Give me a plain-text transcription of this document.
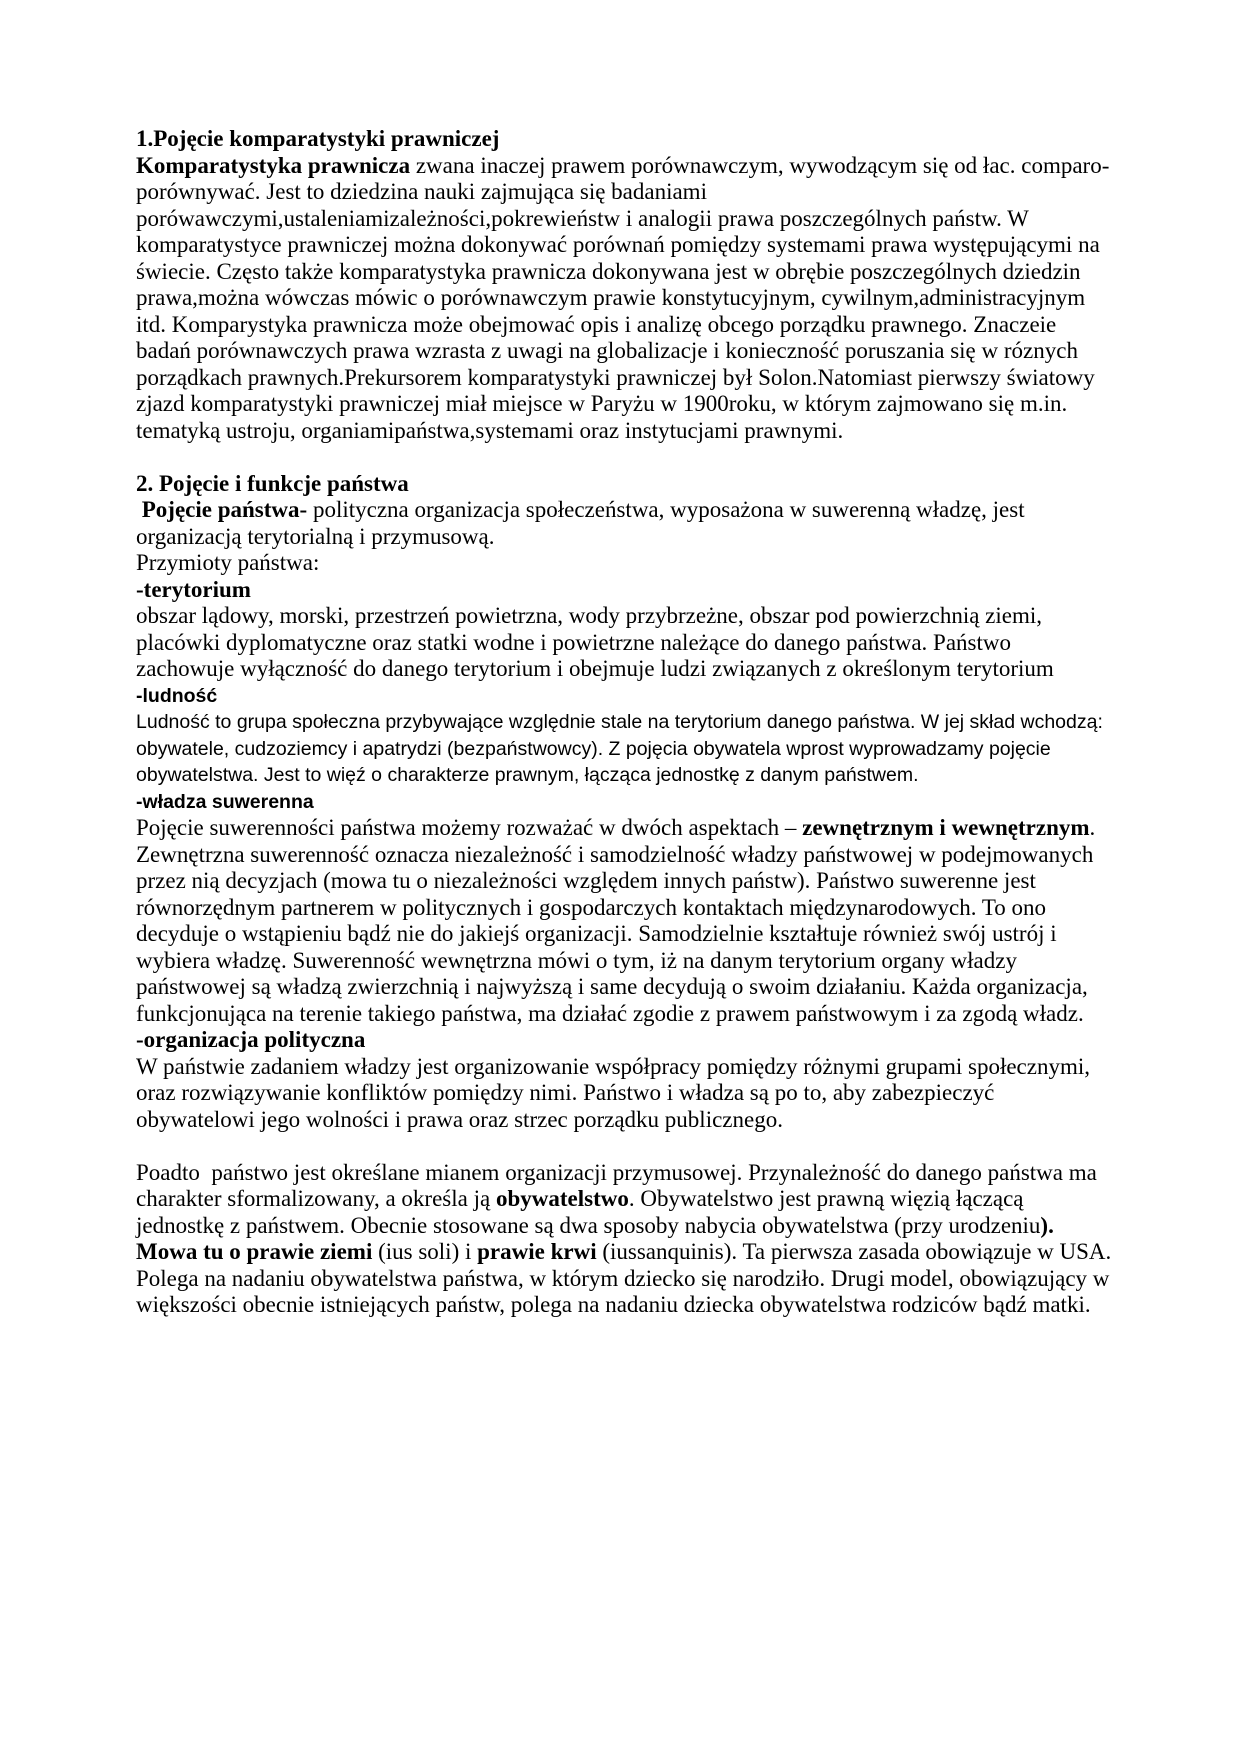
1.Pojęcie komparatystyki prawniczej

Komparatystyka prawnicza zwana inaczej prawem porównawczym, wywodzącym się od łac. comparo-porównywać. Jest to dziedzina nauki zajmująca się badaniami porówawczymi,ustaleniamizależności,pokrewieństw i analogii prawa poszczególnych państw. W komparatystyce prawniczej można dokonywać porównań pomiędzy systemami prawa występującymi na świecie. Często także komparatystyka prawnicza dokonywana jest w obrębie poszczególnych dziedzin prawa,można wówczas mówic o porównawczym prawie konstytucyjnym, cywilnym,administracyjnym itd. Komparystyka prawnicza może obejmować opis i analizę obcego porządku prawnego. Znaczeie badań porównawczych prawa wzrasta z uwagi na globalizacje i konieczność poruszania się w róznych porządkach prawnych.Prekursorem komparatystyki prawniczej był Solon.Natomiast pierwszy światowy zjazd komparatystyki prawniczej miał miejsce w Paryżu w 1900roku, w którym zajmowano się m.in. tematyką ustroju, organiamipaństwa,systemami oraz instytucjami prawnymi.

2. Pojęcie i funkcje państwa

Pojęcie państwa- polityczna organizacja społeczeństwa, wyposażona w suwerenną władzę, jest organizacją terytorialną i przymusową.

Przymioty państwa:

-terytorium

obszar lądowy, morski, przestrzeń powietrzna, wody przybrzeżne, obszar pod powierzchnią ziemi, placówki dyplomatyczne oraz statki wodne i powietrzne należące do danego państwa. Państwo zachowuje wyłączność do danego terytorium i obejmuje ludzi związanych z określonym terytorium

-ludność

Ludność to grupa społeczna przybywające względnie stale na terytorium danego państwa. W jej skład wchodzą: obywatele, cudzoziemcy i apatrydzi (bezpaństwowcy). Z pojęcia obywatela wprost wyprowadzamy pojęcie obywatelstwa. Jest to więź o charakterze prawnym, łącząca jednostkę z danym państwem.

-władza suwerenna

Pojęcie suwerenności państwa możemy rozważać w dwóch aspektach – zewnętrznym i wewnętrznym. Zewnętrzna suwerenność oznacza niezależność i samodzielność władzy państwowej w podejmowanych przez nią decyzjach (mowa tu o niezależności względem innych państw). Państwo suwerenne jest równorzędnym partnerem w politycznych i gospodarczych kontaktach międzynarodowych. To ono decyduje o wstąpieniu bądź nie do jakiejś organizacji. Samodzielnie kształtuje również swój ustrój i wybiera władzę. Suwerenność wewnętrzna mówi o tym, iż na danym terytorium organy władzy państwowej są władzą zwierzchnią i najwyższą i same decydują o swoim działaniu. Każda organizacja, funkcjonująca na terenie takiego państwa, ma działać zgodie z prawem państwowym i za zgodą władz.

-organizacja polityczna

W państwie zadaniem władzy jest organizowanie współpracy pomiędzy różnymi grupami społecznymi, oraz rozwiązywanie konfliktów pomiędzy nimi. Państwo i władza są po to, aby zabezpieczyć obywatelowi jego wolności i prawa oraz strzec porządku publicznego.

Poadto  państwo jest określane mianem organizacji przymusowej. Przynależność do danego państwa ma charakter sformalizowany, a określa ją obywatelstwo. Obywatelstwo jest prawną więzią łączącą jednostkę z państwem. Obecnie stosowane są dwa sposoby nabycia obywatelstwa (przy urodzeniu). Mowa tu o prawie ziemi (ius soli) i prawie krwi (iussanquinis). Ta pierwsza zasada obowiązuje w USA. Polega na nadaniu obywatelstwa państwa, w którym dziecko się narodziło. Drugi model, obowiązujący w większości obecnie istniejących państw, polega na nadaniu dziecka obywatelstwa rodziców bądź matki.
